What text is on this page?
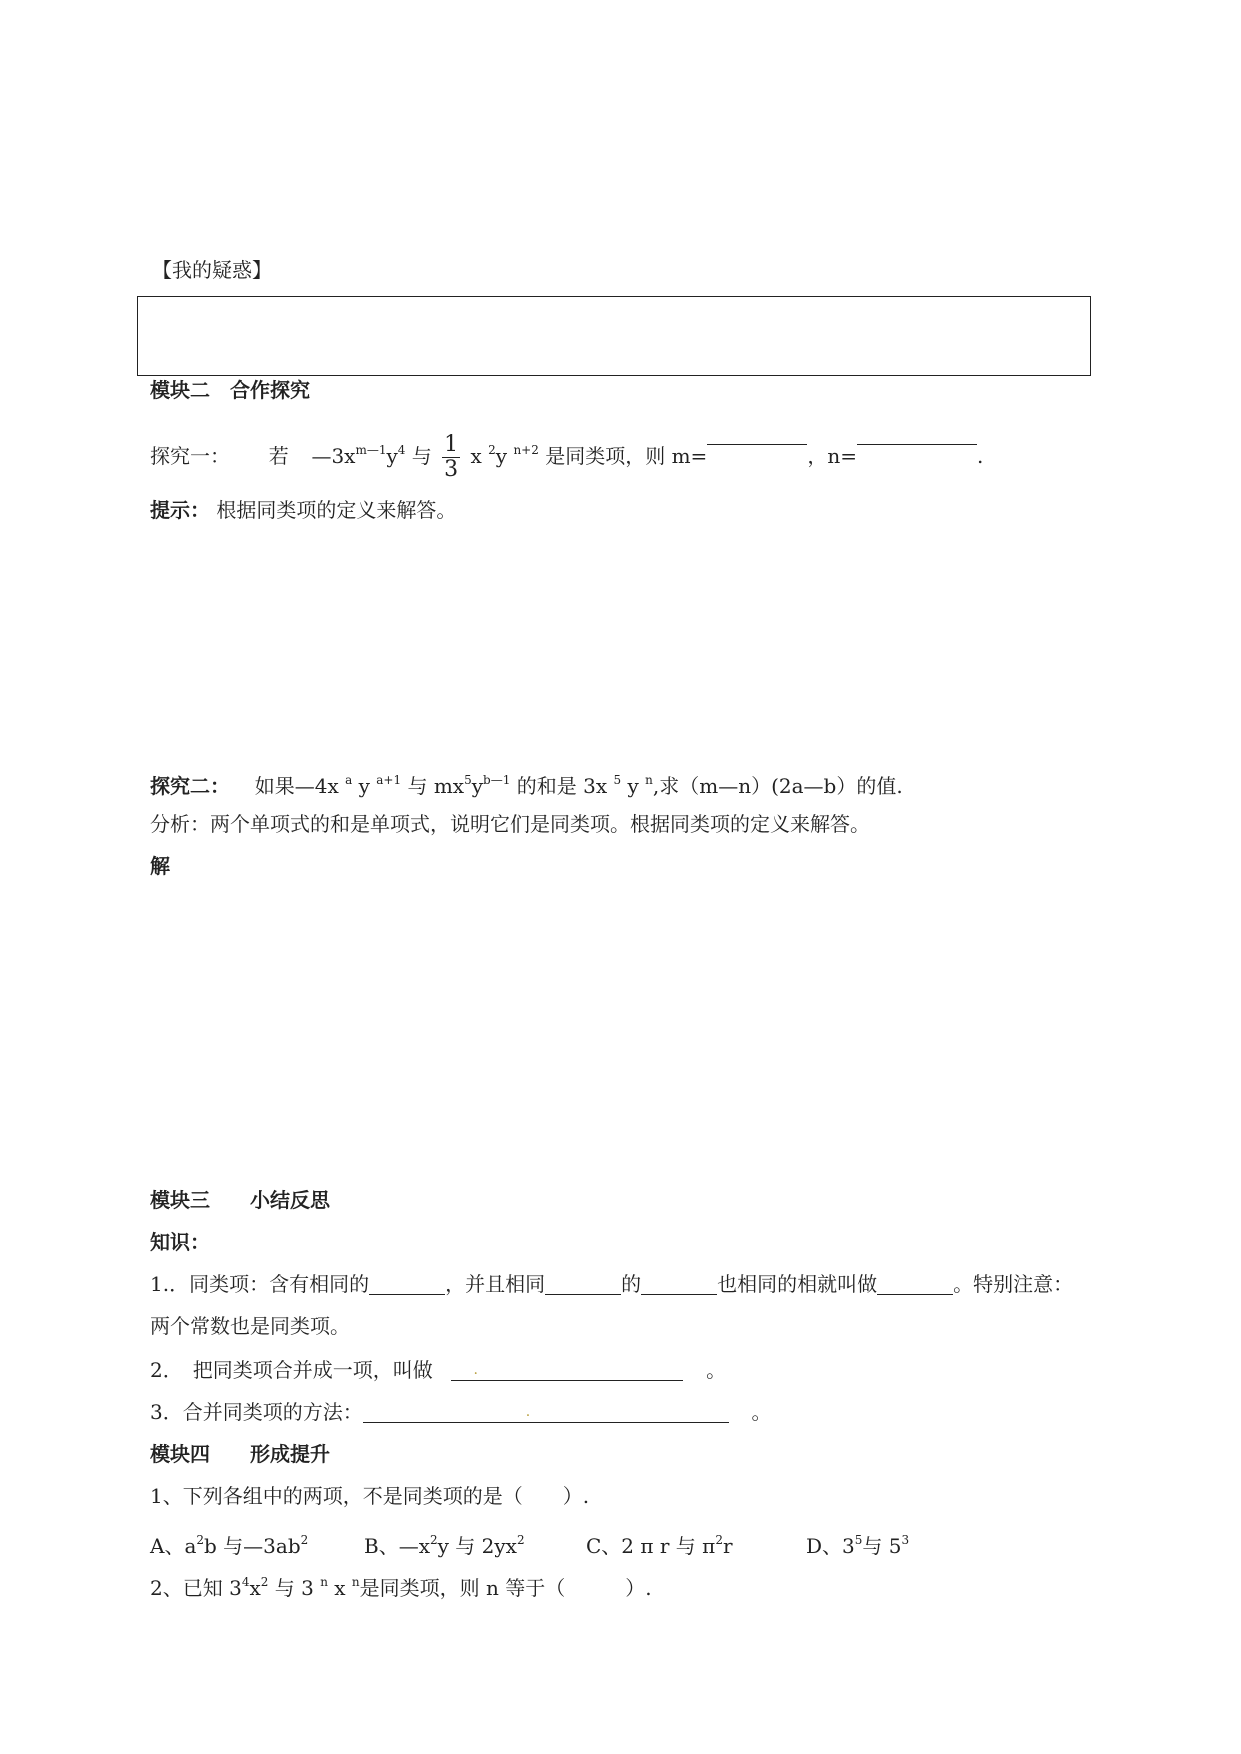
【我的疑惑】
模块二　合作探究
探究一： 若 $—3x^{m—1}y^4$ 与 $\frac{1}{3}$ x $^2$y $^{n+2}$ 是同类项，则 m=	，n=	.
提示： 根据同类项的定义来解答。
探究二： 如果—4x $^a$ y $^{a+1}$ 与 $mx^5y^{b—1}$ 的和是 3x $^5$ y $^n$,求（m—n）(2a—b）的值.
分析：两个单项式的和是单项式，说明它们是同类项。根据同类项的定义来解答。
解
模块三　　小结反思
知识：
1.．同类项：含有相同的	，并且相同	的	也相同的相就叫做	。特别注意：
两个常数也是同类项。
2．　把同类项合并成一项，叫做	.	。
3．合并同类项的方法：	.	。
模块四　　形成提升
1、下列各组中的两项，不是同类项的是（　　）.
A、$a^2b$ 与$—3ab^2$	B、$—x^2y$ 与 $2yx^2$	C、2 π r 与 $\pi^2r$	D、$3^5$与 $5^3$
2、已知 $3^4x^2$ 与 3 $^n$ x $^n$是同类项，则 n 等于（　　　）.
